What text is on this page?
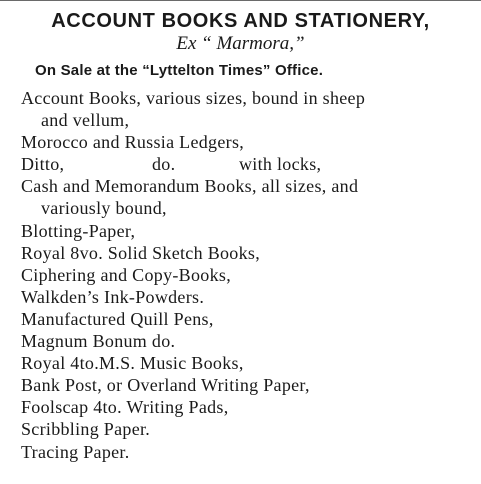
ACCOUNT BOOKS AND STATIONERY,
Ex “ Marmora,”
On Sale at the “Lyttelton Times” Office.
Account Books, various sizes, bound in sheep
and vellum,
Morocco and Russia Ledgers,
Ditto,	do.	with locks,
Cash and Memorandum Books, all sizes, and
variously bound,
Blotting-Paper,
Royal 8vo. Solid Sketch Books,
Ciphering and Copy-Books,
Walkden’s Ink-Powders.
Manufactured Quill Pens,
Magnum Bonum do.
Royal 4to.M.S. Music Books,
Bank Post, or Overland Writing Paper,
Foolscap 4to. Writing Pads,
Scribbling Paper.
Tracing Paper.
